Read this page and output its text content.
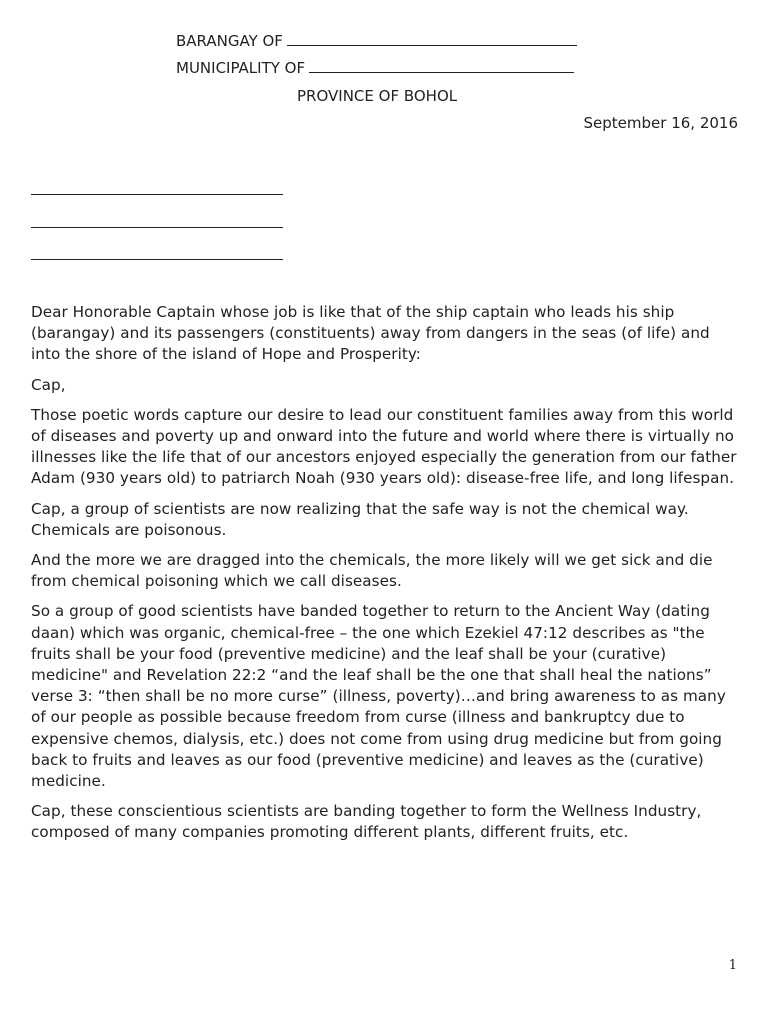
BARANGAY OF
MUNICIPALITY OF
PROVINCE OF BOHOL
September 16, 2016

Dear Honorable Captain whose job is like that of the ship captain who leads his ship (barangay) and its passengers (constituents) away from dangers in the seas (of life) and into the shore of the island of Hope and Prosperity:

Cap,

Those poetic words capture our desire to lead our constituent families away from this world of diseases and poverty up and onward into the future and world where there is virtually no illnesses like the life that of our ancestors enjoyed especially the generation from our father Adam (930 years old) to patriarch Noah (930 years old): disease-free life, and long lifespan.

Cap, a group of scientists are now realizing that the safe way is not the chemical way. Chemicals are poisonous.

And the more we are dragged into the chemicals, the more likely will we get sick and die from chemical poisoning which we call diseases.

So a group of good scientists have banded together to return to the Ancient Way (dating daan) which was organic, chemical-free – the one which Ezekiel 47:12 describes as "the fruits shall be your food (preventive medicine) and the leaf shall be your (curative) medicine" and Revelation 22:2 “and the leaf shall be the one that shall heal the nations” verse 3: “then shall be no more curse” (illness, poverty)…and bring awareness to as many of our people as possible because freedom from curse (illness and bankruptcy due to expensive chemos, dialysis, etc.) does not come from using drug medicine but from going back to fruits and leaves as our food (preventive medicine) and leaves as the (curative) medicine.

Cap, these conscientious scientists are banding together to form the Wellness Industry, composed of many companies promoting different plants, different fruits, etc.

1
